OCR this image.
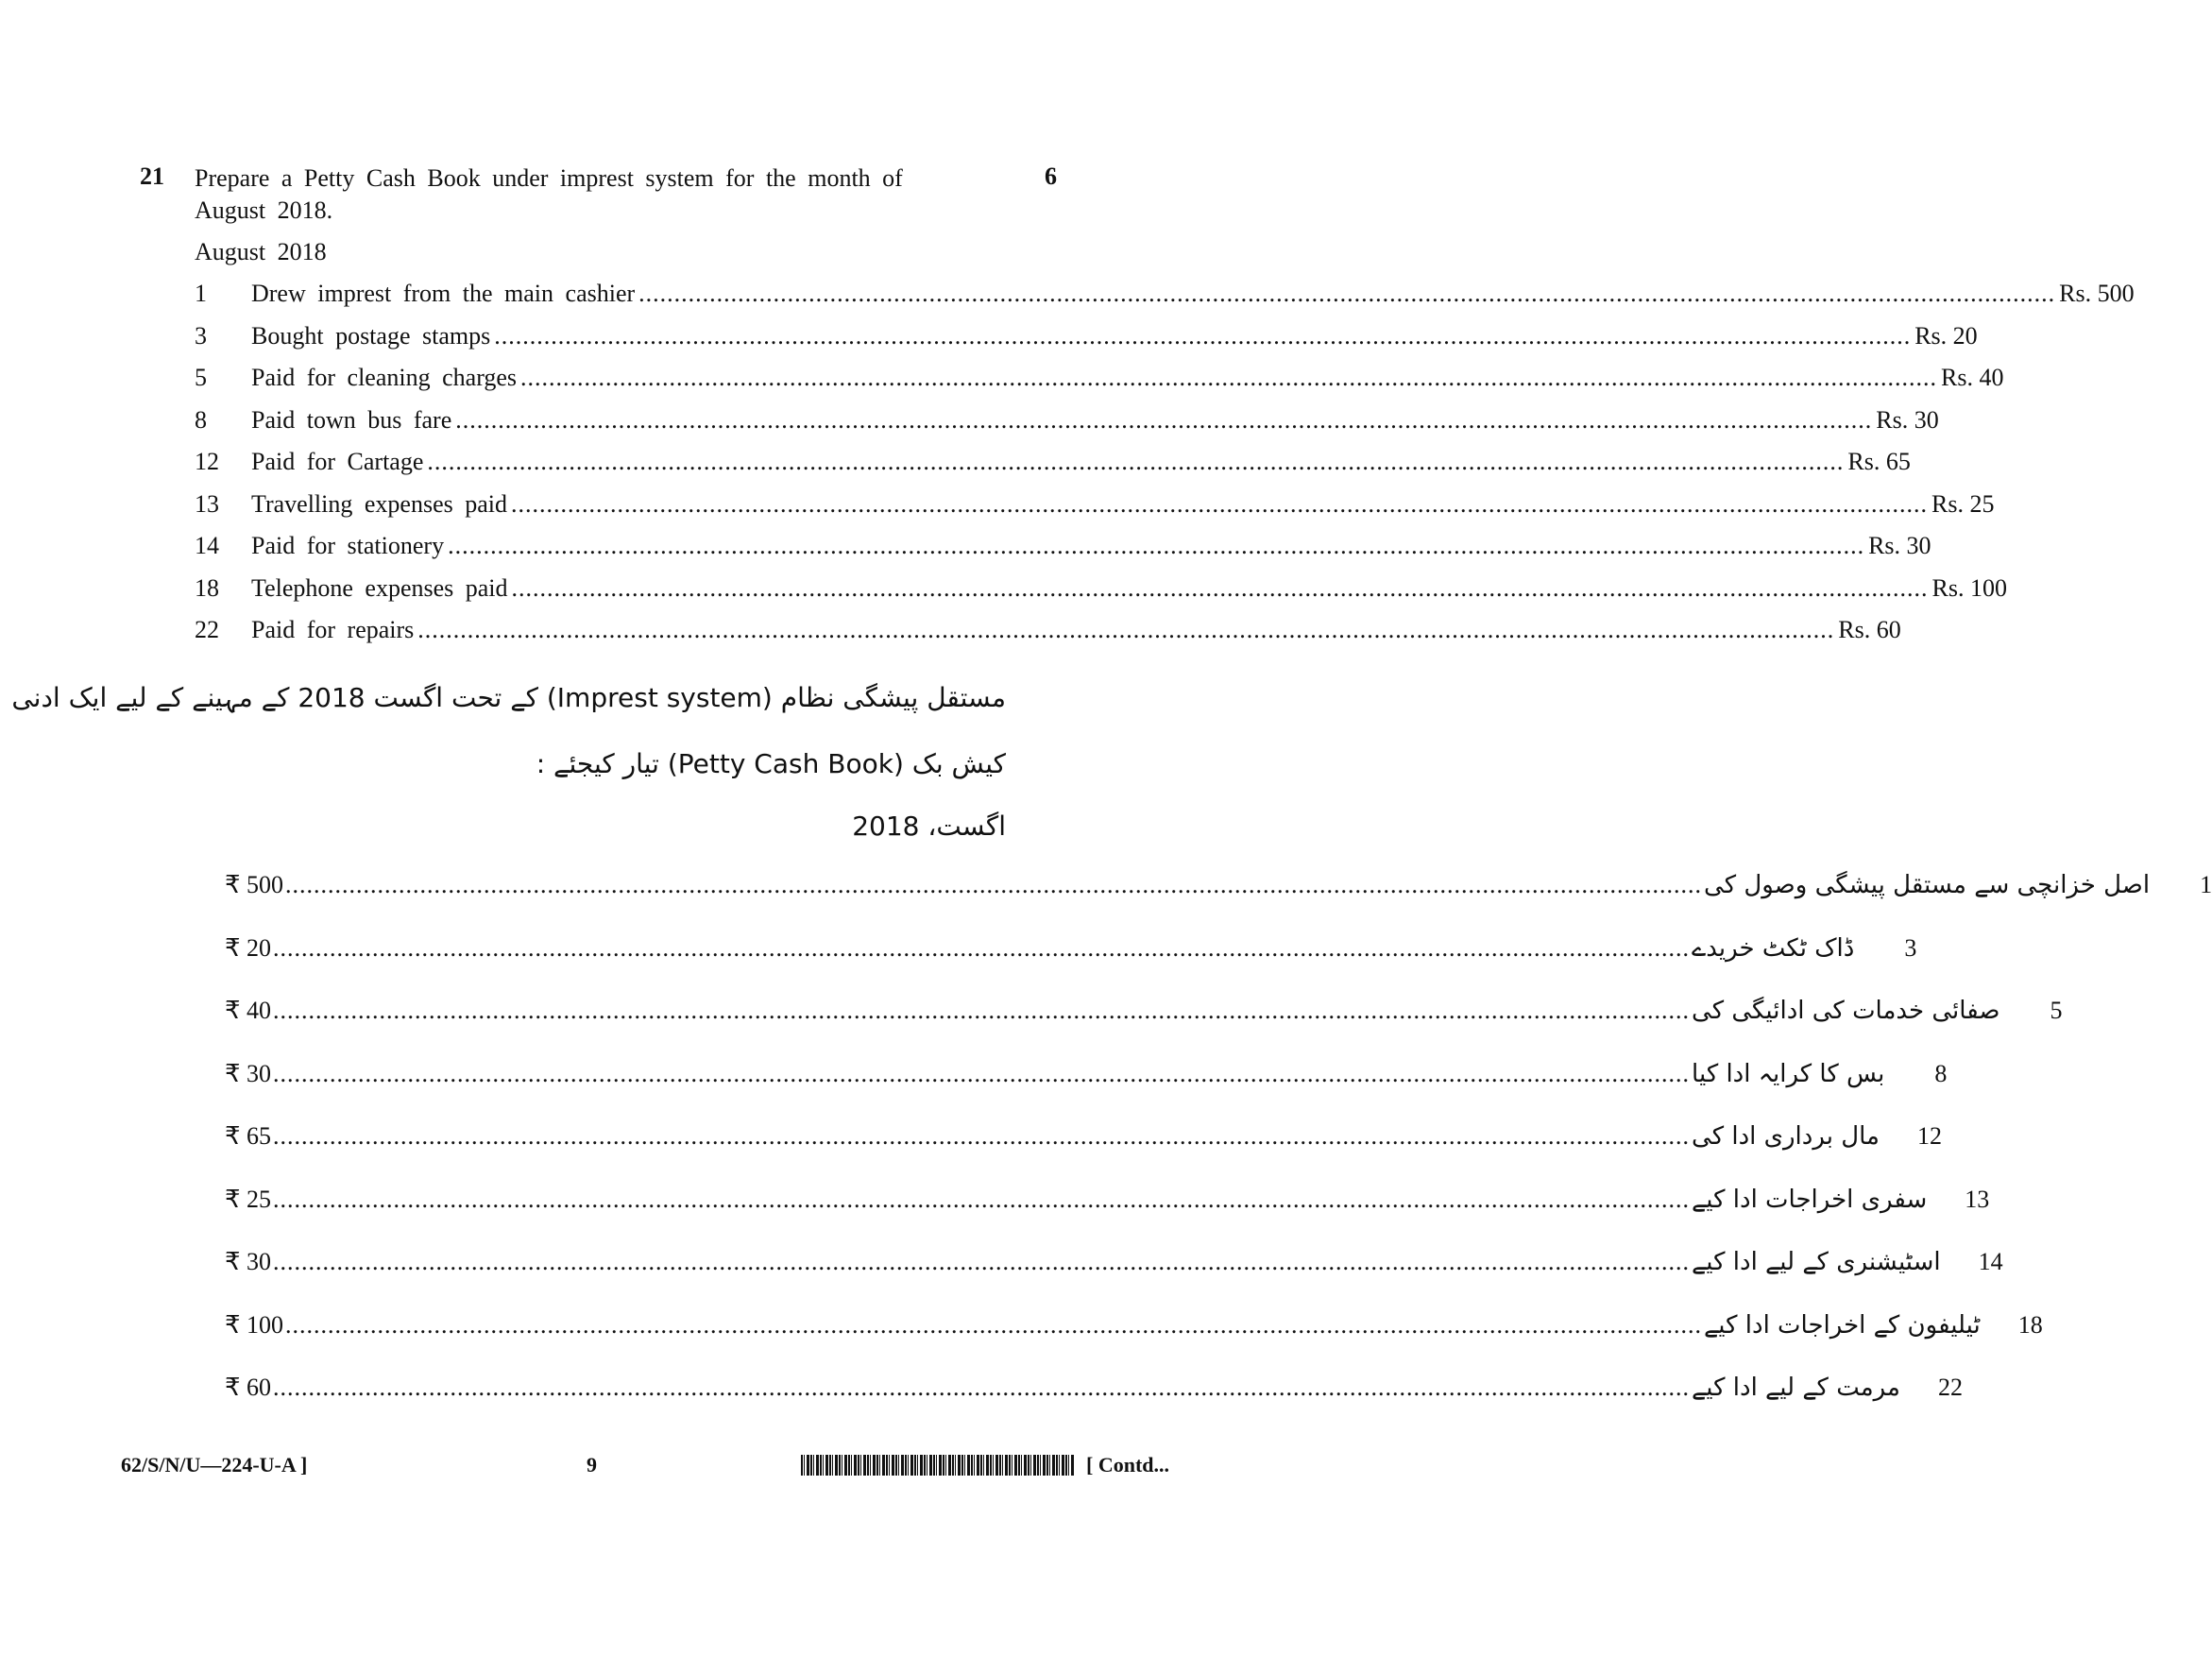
21 Prepare a Petty Cash Book under imprest system for the month of August 2018.
6
August 2018
1	Drew imprest from the main cashier ........................................................................................................................................................................................................ Rs. 500
3	Bought postage stamps ........................................................................................................................................................................................................ Rs. 20
5	Paid for cleaning charges ........................................................................................................................................................................................................ Rs. 40
8	Paid town bus fare ........................................................................................................................................................................................................ Rs. 30
12	Paid for Cartage ........................................................................................................................................................................................................ Rs. 65
13	Travelling expenses paid ........................................................................................................................................................................................................ Rs. 25
14	Paid for stationery ........................................................................................................................................................................................................ Rs. 30
18	Telephone expenses paid ........................................................................................................................................................................................................ Rs. 100
22	Paid for repairs ........................................................................................................................................................................................................ Rs. 60
مستقل پیشگی نظام (Imprest system) کے تحت اگست 2018 کے مہینے کے لیے ایک ادنی
کیش بک (Petty Cash Book) تیار کیجئے :
اگست، 2018
₹ 500 ........................................................................................................................................................................................................ اصل خزانچی سے مستقل پیشگی وصول کی	1
₹ 20 ........................................................................................................................................................................................................ ڈاک ٹکٹ خریدے	3
₹ 40 ........................................................................................................................................................................................................ صفائی خدمات کی ادائیگی کی	5
₹ 30 ........................................................................................................................................................................................................ بس کا کرایہ ادا کیا	8
₹ 65 ........................................................................................................................................................................................................ مال برداری ادا کی	12
₹ 25 ........................................................................................................................................................................................................ سفری اخراجات ادا کیے	13
₹ 30 ........................................................................................................................................................................................................ اسٹیشنری کے لیے ادا کیے	14
₹ 100 ........................................................................................................................................................................................................ ٹیلیفون کے اخراجات ادا کیے	18
₹ 60 ........................................................................................................................................................................................................ مرمت کے لیے ادا کیے	22
62/S/N/U—224-U-A ]	9	[ Contd...
